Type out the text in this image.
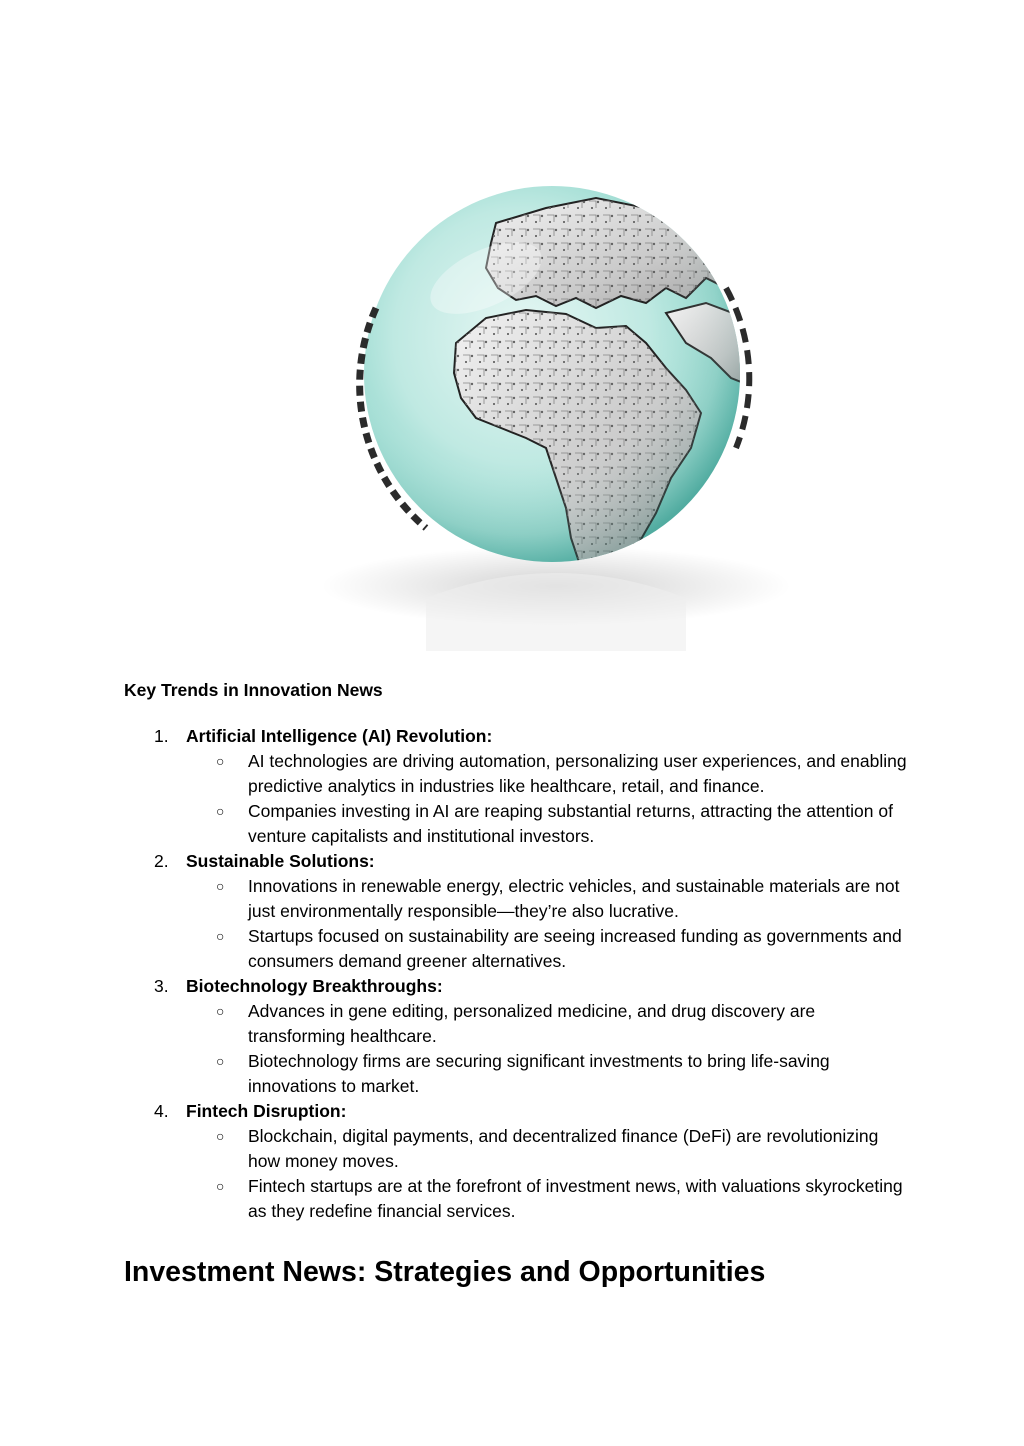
Key Trends in Innovation News
1. Artificial Intelligence (AI) Revolution:
○ AI technologies are driving automation, personalizing user experiences, and enabling predictive analytics in industries like healthcare, retail, and finance.
○ Companies investing in AI are reaping substantial returns, attracting the attention of venture capitalists and institutional investors.
2. Sustainable Solutions:
○ Innovations in renewable energy, electric vehicles, and sustainable materials are not just environmentally responsible—they’re also lucrative.
○ Startups focused on sustainability are seeing increased funding as governments and consumers demand greener alternatives.
3. Biotechnology Breakthroughs:
○ Advances in gene editing, personalized medicine, and drug discovery are transforming healthcare.
○ Biotechnology firms are securing significant investments to bring life-saving innovations to market.
4. Fintech Disruption:
○ Blockchain, digital payments, and decentralized finance (DeFi) are revolutionizing how money moves.
○ Fintech startups are at the forefront of investment news, with valuations skyrocketing as they redefine financial services.
Investment News: Strategies and Opportunities
